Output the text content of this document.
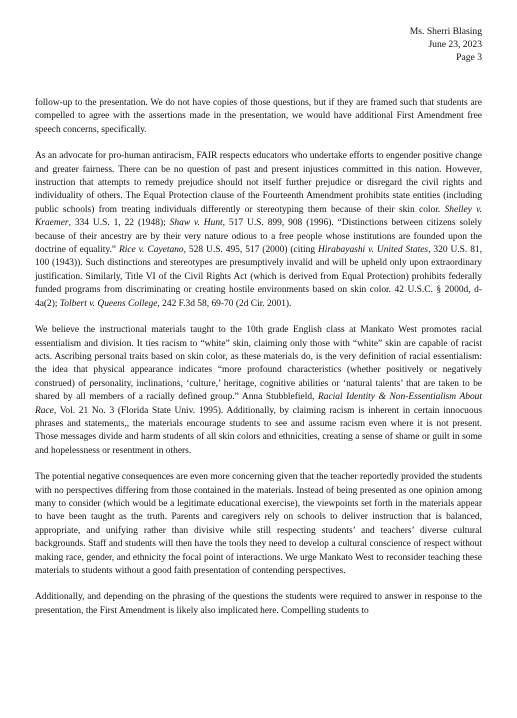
Ms. Sherri Blasing
June 23, 2023
Page 3

follow-up to the presentation. We do not have copies of those questions, but if they are framed such that students are compelled to agree with the assertions made in the presentation, we would have additional First Amendment free speech concerns, specifically.

As an advocate for pro-human antiracism, FAIR respects educators who undertake efforts to engender positive change and greater fairness. There can be no question of past and present injustices committed in this nation. However, instruction that attempts to remedy prejudice should not itself further prejudice or disregard the civil rights and individuality of others. The Equal Protection clause of the Fourteenth Amendment prohibits state entities (including public schools) from treating individuals differently or stereotyping them because of their skin color. Shelley v. Kraemer, 334 U.S. 1, 22 (1948); Shaw v. Hunt, 517 U.S. 899, 908 (1996). “Distinctions between citizens solely because of their ancestry are by their very nature odious to a free people whose institutions are founded upon the doctrine of equality.” Rice v. Cayetano, 528 U.S. 495, 517 (2000) (citing Hirabayashi v. United States, 320 U.S. 81, 100 (1943)). Such distinctions and stereotypes are presumptively invalid and will be upheld only upon extraordinary justification. Similarly, Title VI of the Civil Rights Act (which is derived from Equal Protection) prohibits federally funded programs from discriminating or creating hostile environments based on skin color. 42 U.S.C. § 2000d, d-4a(2); Tolbert v. Queens College, 242 F.3d 58, 69-70 (2d Cir. 2001).

We believe the instructional materials taught to the 10th grade English class at Mankato West promotes racial essentialism and division. It ties racism to “white” skin, claiming only those with “white” skin are capable of racist acts. Ascribing personal traits based on skin color, as these materials do, is the very definition of racial essentialism: the idea that physical appearance indicates “more profound characteristics (whether positively or negatively construed) of personality, inclinations, ‘culture,’ heritage, cognitive abilities or ‘natural talents’ that are taken to be shared by all members of a racially defined group.” Anna Stubblefield, Racial Identity & Non-Essentialism About Race, Vol. 21 No. 3 (Florida State Univ. 1995). Additionally, by claiming racism is inherent in certain innocuous phrases and statements,, the materials encourage students to see and assume racism even where it is not present. Those messages divide and harm students of all skin colors and ethnicities, creating a sense of shame or guilt in some and hopelessness or resentment in others.

The potential negative consequences are even more concerning given that the teacher reportedly provided the students with no perspectives differing from those contained in the materials. Instead of being presented as one opinion among many to consider (which would be a legitimate educational exercise), the viewpoints set forth in the materials appear to have been taught as the truth. Parents and caregivers rely on schools to deliver instruction that is balanced, appropriate, and unifying rather than divisive while still respecting students’ and teachers’ diverse cultural backgrounds. Staff and students will then have the tools they need to develop a cultural conscience of respect without making race, gender, and ethnicity the focal point of interactions. We urge Mankato West to reconsider teaching these materials to students without a good faith presentation of contending perspectives.

Additionally, and depending on the phrasing of the questions the students were required to answer in response to the presentation, the First Amendment is likely also implicated here. Compelling students to
